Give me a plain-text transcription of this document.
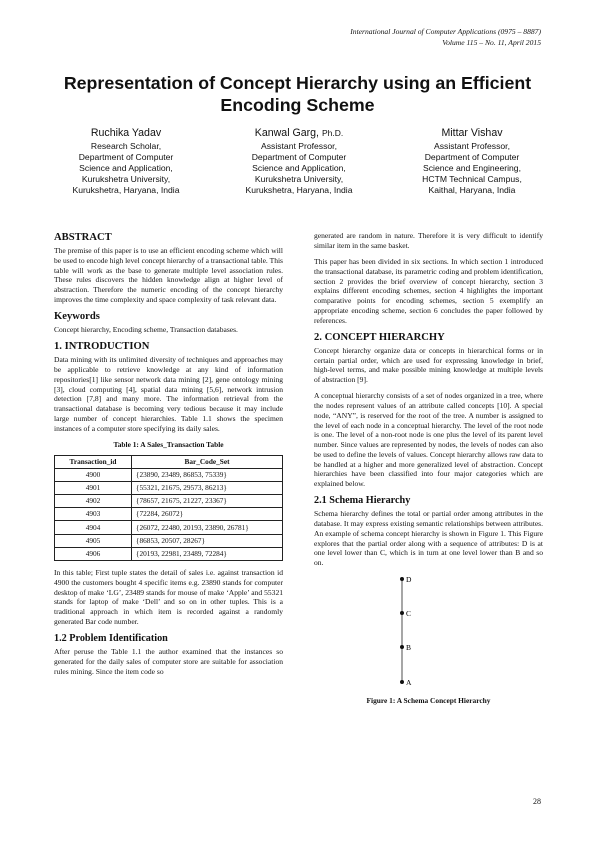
International Journal of Computer Applications (0975 – 8887)
Volume 115 – No. 11, April 2015
Representation of Concept Hierarchy using an Efficient Encoding Scheme
Ruchika Yadav
Research Scholar,
Department of Computer
Science and Application,
Kurukshetra University,
Kurukshetra, Haryana, India
Kanwal Garg, Ph.D.
Assistant Professor,
Department of Computer
Science and Application,
Kurukshetra University,
Kurukshetra, Haryana, India
Mittar Vishav
Assistant Professor,
Department of Computer
Science and Engineering,
HCTM Technical Campus,
Kaithal, Haryana, India
ABSTRACT

The premise of this paper is to use an efficient encoding scheme which will be used to encode high level concept hierarchy of a transactional table. This table will work as the base to generate multiple level association rules. These rules discovers the hidden knowledge align at higher level of abstraction. Therefore the numeric encoding of the concept hierarchy improves the time complexity and space complexity of task relevant data.

Keywords

Concept hierarchy, Encoding scheme, Transaction databases.

1. INTRODUCTION

Data mining with its unlimited diversity of techniques and approaches may be applicable to retrieve knowledge at any kind of information repositories[1] like sensor network data mining [2], gene ontology mining [3], cloud computing [4], spatial data mining [5,6], network intrusion detection [7,8] and many more. The information retrieval from the transactional database is becoming very tedious because it may include large number of concept hierarchies. Table 1.1 shows the specimen instances of a computer store specifying its daily sales.

Table 1: A Sales_Transaction Table
Transaction_id	Bar_Code_Set
4900	{23890, 23489, 86853, 75339}
4901	{55321, 21675, 29573, 86213}
4902	{78657, 21675, 21227, 23367}
4903	{72284, 26072}
4904	{26072, 22480, 20193, 23890, 26781}
4905	{86853, 20507, 28267}
4906	{20193, 22981, 23489, 72284}

In this table; First tuple states the detail of sales i.e. against transaction id 4900 the customers bought 4 specific items e.g. 23890 stands for computer desktop of make ‘LG’, 23489 stands for mouse of make ‘Apple’ and 55321 stands for laptop of make ‘Dell’ and so on in other tuples. This is a traditional approach in which item is recorded against a randomly generated Bar code number.

1.2 Problem Identification

After peruse the Table 1.1 the author examined that the instances so generated for the daily sales of computer store are suitable for association rules mining. Since the item code so

generated are random in nature. Therefore it is very difficult to identify similar item in the same basket.

This paper has been divided in six sections. In which section 1 introduced the transactional database, its parametric coding and problem identification, section 2 provides the brief overview of concept hierarchy, section 3 explains different encoding schemes, section 4 highlights the important comparative points for encoding schemes, section 5 exemplify an appropriate encoding scheme, section 6 concludes the paper followed by references.

2. CONCEPT HIERARCHY

Concept hierarchy organize data or concepts in hierarchical forms or in certain partial order, which are used for expressing knowledge in brief, high-level terms, and make possible mining knowledge at multiple levels of abstraction [9].

A conceptual hierarchy consists of a set of nodes organized in a tree, where the nodes represent values of an attribute called concepts [10]. A special node, “ANY”, is reserved for the root of the tree. A number is assigned to the level of each node in a conceptual hierarchy. The level of the root node is one. The level of a non-root node is one plus the level of its parent level number. Since values are represented by nodes, the levels of nodes can also be used to define the levels of values. Concept hierarchy allows raw data to be handled at a higher and more generalized level of abstraction. Concept hierarchies have been classified into four major categories which are explained below.

2.1 Schema Hierarchy

Schema hierarchy defines the total or partial order among attributes in the database. It may express existing semantic relationships between attributes. An example of schema concept hierarchy is shown in Figure 1. This Figure explores that the partial order along with a sequence of attributes: D is at one level lower than C, which is in turn at one level lower than B and so on.

D
C
B
A
Figure 1: A Schema Concept Hierarchy
28
